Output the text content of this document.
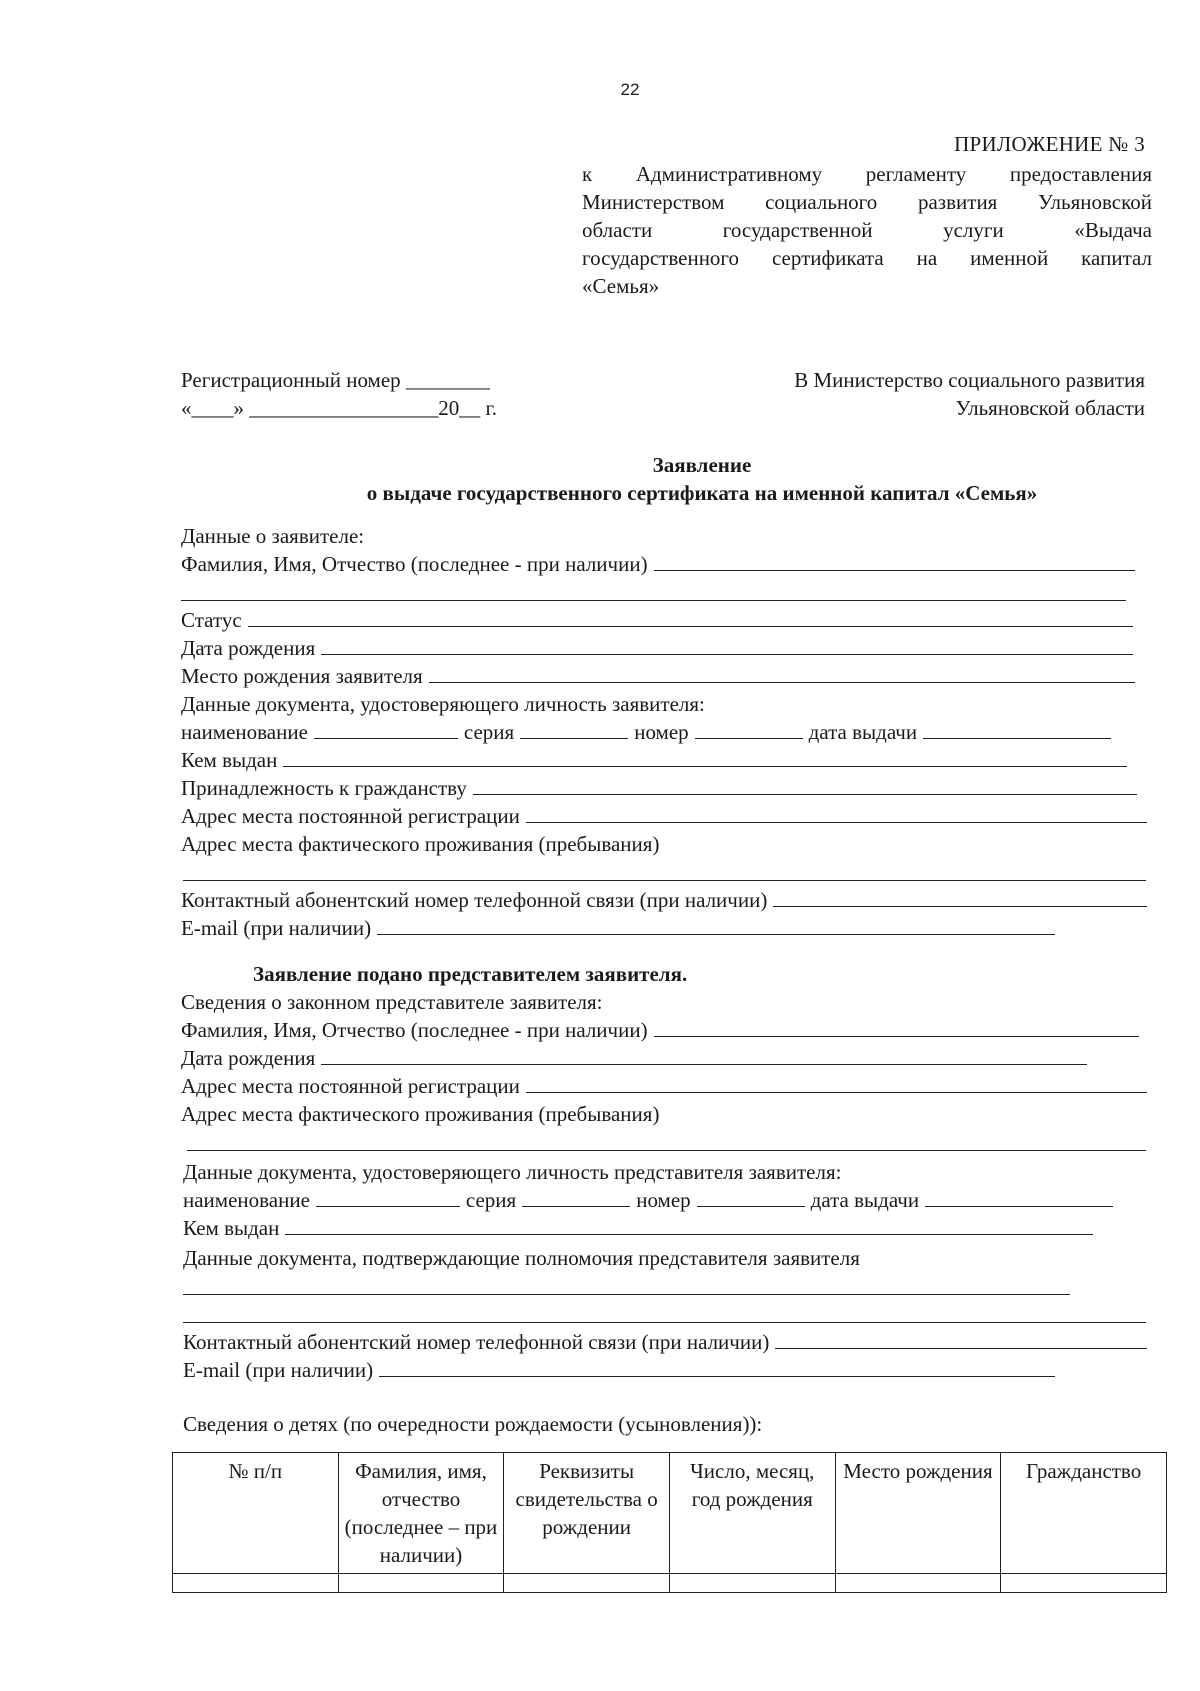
22
ПРИЛОЖЕНИЕ № 3
к Административному регламенту предоставления
Министерством социального развития Ульяновской
области государственной услуги «Выдача
государственного сертификата на именной капитал
«Семья»
Регистрационный номер ________
«____» __________________20__ г.
В Министерство социального развития
Ульяновской области
Заявление
о выдаче государственного сертификата на именной капитал «Семья»
Данные о заявителе:
Фамилия, Имя, Отчество (последнее - при наличии)
Статус
Дата рождения
Место рождения заявителя
Данные документа, удостоверяющего личность заявителя:
наименование	серия	номер	дата выдачи
Кем выдан
Принадлежность к гражданству
Адрес места постоянной регистрации
Адрес места фактического проживания (пребывания)
Контактный абонентский номер телефонной связи (при наличии)
E-mail (при наличии)
Заявление подано представителем заявителя.
Сведения о законном представителе заявителя:
Фамилия, Имя, Отчество (последнее - при наличии)
Дата рождения
Адрес места постоянной регистрации
Адрес места фактического проживания (пребывания)
Данные документа, удостоверяющего личность представителя заявителя:
наименование	серия	номер	дата выдачи
Кем выдан
Данные документа, подтверждающие полномочия представителя заявителя
Контактный абонентский номер телефонной связи (при наличии)
E-mail (при наличии)
Сведения о детях (по очередности рождаемости (усыновления)):
№ п/п	Фамилия, имя, отчество (последнее – при наличии)	Реквизиты свидетельства о рождении	Число, месяц, год рождения	Место рождения	Гражданство
